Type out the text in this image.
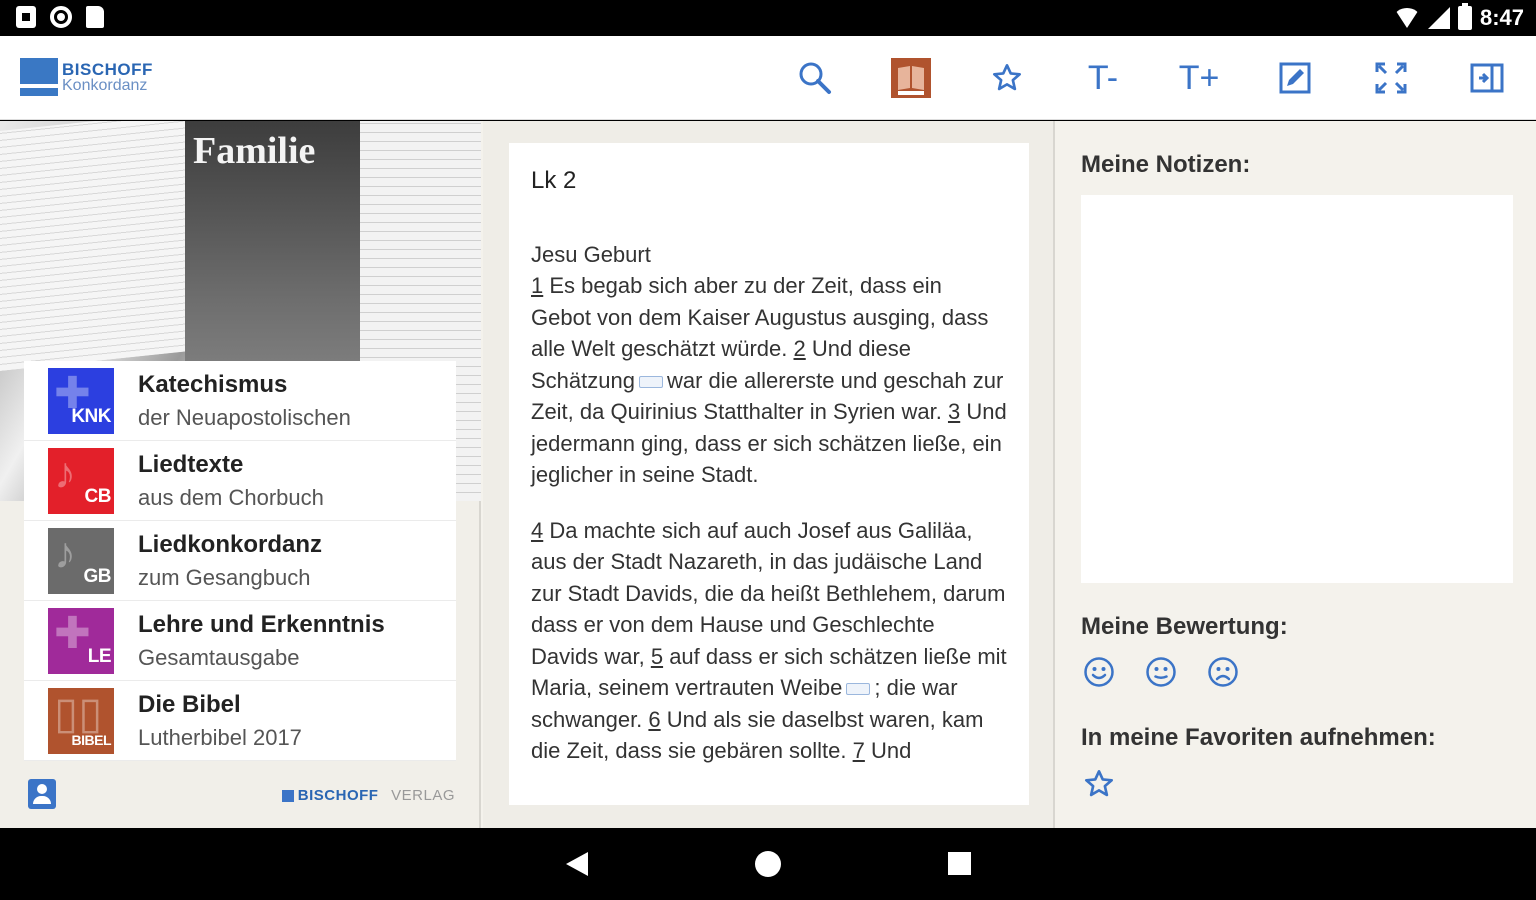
8:47
BISCHOFF
Konkordanz	T- T+
Familie
✚
KNK
Katechismus
der Neuapostolischen
♪ CB
Liedtexte
aus dem Chorbuch
♪ GB
Liedkonkordanz
zum Gesangbuch
✚
LE
Lehre und Erkenntnis
Gesamtausgabe
▯▯
BIBEL
Die Bibel
Lutherbibel 2017
BISCHOFF
VERLAG
Lk 2
Jesu Geburt
1 Es begab sich aber zu der Zeit, dass ein Gebot von dem Kaiser Augustus ausging, dass alle Welt geschätzt würde. 2 Und diese Schätzung war die allererste und geschah zur Zeit, da Quirinius Statthalter in Syrien war. 3 Und jedermann ging, dass er sich schätzen ließe, ein jeglicher in seine Stadt.
4 Da machte sich auf auch Josef aus Galiläa, aus der Stadt Nazareth, in das judäische Land zur Stadt Davids, die da heißt Bethlehem, darum dass er von dem Hause und Geschlechte Davids war, 5 auf dass er sich schätzen ließe mit Maria, seinem vertrauten Weibe ; die war schwanger. 6 Und als sie daselbst waren, kam die Zeit, dass sie gebären sollte. 7 Und
Meine Notizen:
Meine Bewertung:
In meine Favoriten aufnehmen:
